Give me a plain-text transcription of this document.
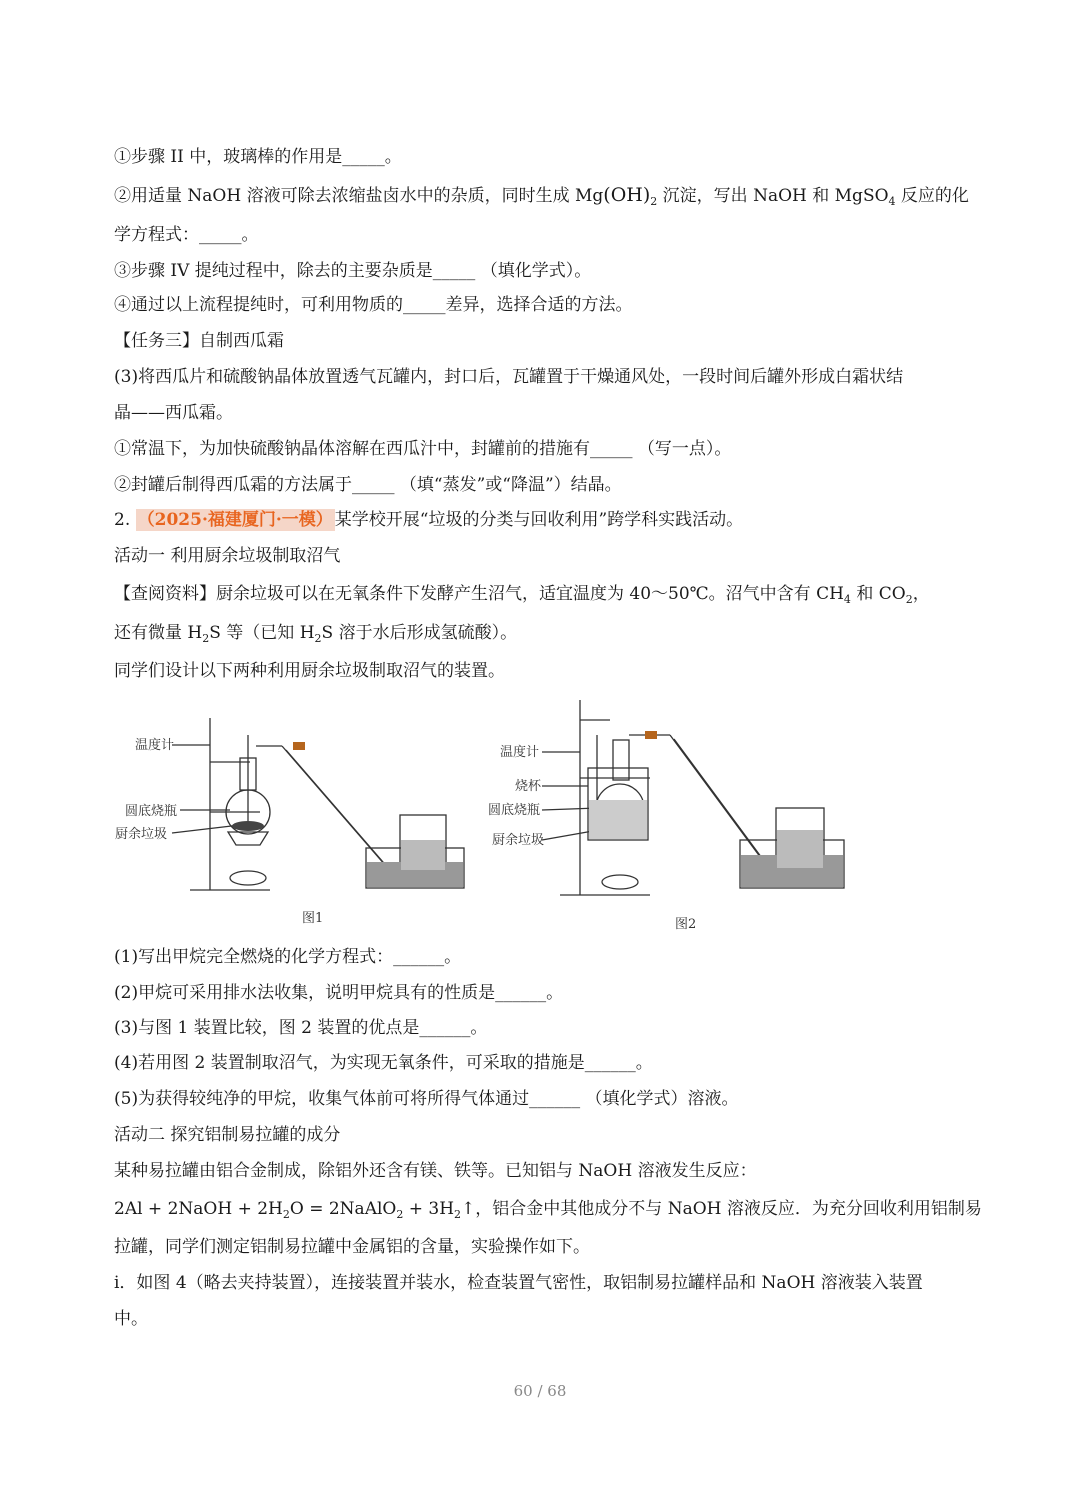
①步骤 II 中，玻璃棒的作用是_____。
②用适量 NaOH 溶液可除去浓缩盐卤水中的杂质，同时生成 $Mg(OH)_2$ 沉淀，写出 NaOH 和 MgSO$_4$ 反应的化
学方程式：_____。
③步骤 IV 提纯过程中，除去的主要杂质是_____ （填化学式）。
④通过以上流程提纯时，可利用物质的_____差异，选择合适的方法。
【任务三】自制西瓜霜
(3)将西瓜片和硫酸钠晶体放置透气瓦罐内，封口后，瓦罐置于干燥通风处，一段时间后罐外形成白霜状结
晶——西瓜霜。
①常温下，为加快硫酸钠晶体溶解在西瓜汁中，封罐前的措施有_____ （写一点）。
②封罐后制得西瓜霜的方法属于_____ （填“蒸发”或“降温”）结晶。
2. （2025·福建厦门·一模） 某学校开展“垃圾的分类与回收利用”跨学科实践活动。
活动一 利用厨余垃圾制取沼气
【查阅资料】厨余垃圾可以在无氧条件下发酵产生沼气，适宜温度为 40～50℃。沼气中含有 $CH_4$ 和 $CO_2$，
还有微量 $H_2S$ 等（已知 $H_2S$ 溶于水后形成氢硫酸）。
同学们设计以下两种利用厨余垃圾制取沼气的装置。
温度计
圆底烧瓶
厨余垃圾
温度计
烧杯
圆底烧瓶
厨余垃圾
图1	图2
(1)写出甲烷完全燃烧的化学方程式：______。
(2)甲烷可采用排水法收集，说明甲烷具有的性质是______。
(3)与图 1 装置比较，图 2 装置的优点是______。
(4)若用图 2 装置制取沼气，为实现无氧条件，可采取的措施是______。
(5)为获得较纯净的甲烷，收集气体前可将所得气体通过______ （填化学式）溶液。
活动二 探究铝制易拉罐的成分
某种易拉罐由铝合金制成，除铝外还含有镁、铁等。已知铝与 NaOH 溶液发生反应：
2Al + 2NaOH + $2H_2O$ = 2NaAlO$_2$ + $3H_2↑$，铝合金中其他成分不与 NaOH 溶液反应．为充分回收利用铝制易
拉罐，同学们测定铝制易拉罐中金属铝的含量，实验操作如下。
i．如图 4（略去夹持装置），连接装置并装水，检查装置气密性，取铝制易拉罐样品和 NaOH 溶液装入装置
中。
60 / 68
